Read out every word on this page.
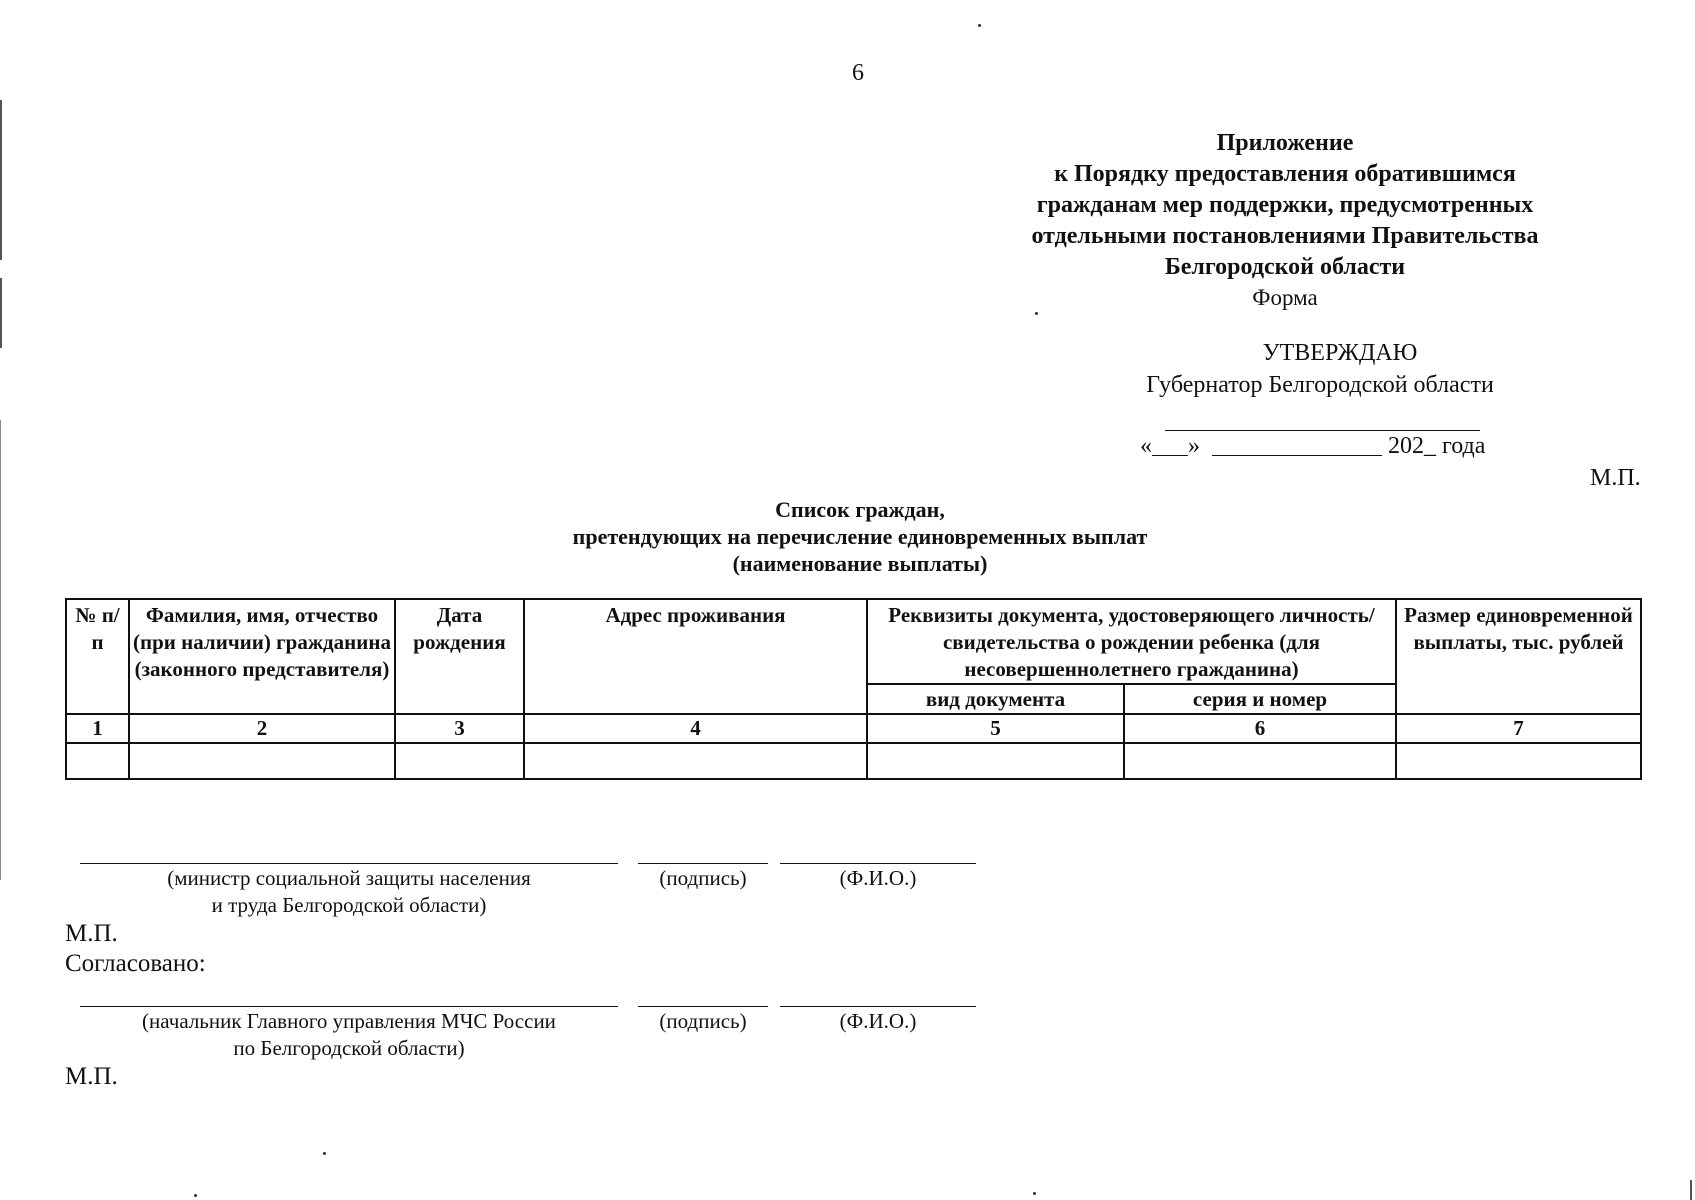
6
Приложение
к Порядку предоставления обратившимся
гражданам мер поддержки, предусмотренных
отдельными постановлениями Правительства
Белгородской области
Форма
УТВЕРЖДАЮ
Губернатор Белгородской области
« »	202_ года
М.П.
Список граждан,
претендующих на перечисление единовременных выплат
(наименование выплаты)
№ п/п	Фамилия, имя, отчество (при наличии) гражданина (законного представителя)	Дата рождения	Адрес проживания	Реквизиты документа, удостоверяющего личность/ свидетельства о рождении ребенка (для несовершеннолетнего гражданина)		Размер единовременной выплаты, тыс. рублей
				вид документа	серия и номер	
1	2	3	4	5	6	7

(министр социальной защиты населения
и труда Белгородской области)
(подпись)	(Ф.И.О.)
М.П.
Согласовано:
(начальник Главного управления МЧС России
по Белгородской области)
(подпись)	(Ф.И.О.)
М.П.
